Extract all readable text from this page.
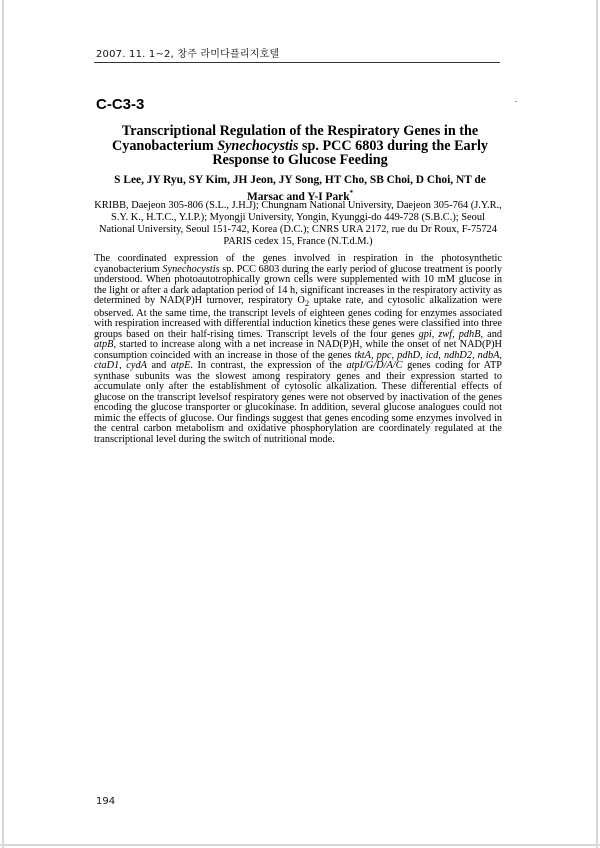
2007. 11. 1~2, 창주 라미다플리지호텔
C-C3-3
Transcriptional Regulation of the Respiratory Genes in the Cyanobacterium Synechocystis sp. PCC 6803 during the Early Response to Glucose Feeding
S Lee, JY Ryu, SY Kim, JH Jeon, JY Song, HT Cho, SB Choi, D Choi, NT de Marsac and Y-I Park*
KRIBB, Daejeon 305-806 (S.L., J.H.J); Chungnam National University, Daejeon 305-764 (J.Y.R., S.Y. K., H.T.C., Y.I.P.); Myongji University, Yongin, Kyunggi-do 449-728 (S.B.C.); Seoul National University, Seoul 151-742, Korea (D.C.); CNRS URA 2172, rue du Dr Roux, F-75724 PARIS cedex 15, France (N.T.d.M.)
The coordinated expression of the genes involved in respiration in the photosynthetic cyanobacterium Synechocystis sp. PCC 6803 during the early period of glucose treatment is poorly understood. When photoautotrophically grown cells were supplemented with 10 mM glucose in the light or after a dark adaptation period of 14 h, significant increases in the respiratory activity as determined by NAD(P)H turnover, respiratory $O_2$ uptake rate, and cytosolic alkalization were observed. At the same time, the transcript levels of eighteen genes coding for enzymes associated with respiration increased with differential induction kinetics these genes were classified into three groups based on their half-rising times. Transcript levels of the four genes gpi, zwf, pdhB, and atpB, started to increase along with a net increase in NAD(P)H, while the onset of net NAD(P)H consumption coincided with an increase in those of the genes tktA, ppc, pdhD, icd, ndhD2, ndbA, ctaD1, cydA and atpE. In contrast, the expression of the atpI/G/D/A/C genes coding for ATP synthase subunits was the slowest among respiratory genes and their expression started to accumulate only after the establishment of cytosolic alkalization. These differential effects of glucose on the transcript levelsof respiratory genes were not observed by inactivation of the genes encoding the glucose transporter or glucokinase. In addition, several glucose analogues could not mimic the effects of glucose. Our findings suggest that genes encoding some enzymes involved in the central carbon metabolism and oxidative phosphorylation are coordinately regulated at the transcriptional level during the switch of nutritional mode.
194
